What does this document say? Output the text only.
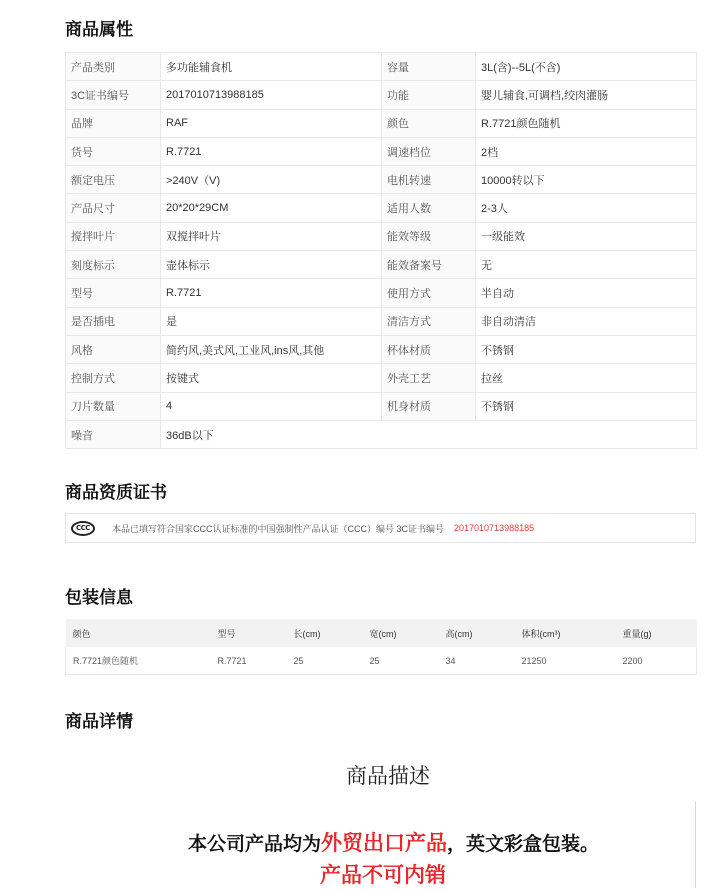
商品属性
产品类别	多功能辅食机	容量	3L(含)--5L(不含)
3C证书编号	2017010713988185	功能	婴儿辅食,可调档,绞肉灌肠
品牌	RAF	颜色	R.7721颜色随机
货号	R.7721	调速档位	2档
额定电压	>240V（V)	电机转速	10000转以下
产品尺寸	20*20*29CM	适用人数	2-3人
搅拌叶片	双搅拌叶片	能效等级	一级能效
刻度标示	壶体标示	能效备案号	无
型号	R.7721	使用方式	半自动
是否插电	是	清洁方式	非自动清洁
风格	简约风,美式风,工业风,ins风,其他	杯体材质	不锈钢
控制方式	按键式	外壳工艺	拉丝
刀片数量	4	机身材质	不锈钢
噪音	36dB以下		
商品资质证书
CCC	本品已填写符合国家CCC认证标准的中国强制性产品认证（CCC）编号 3C证书编号 2017010713988185
包装信息
颜色	型号	长(cm)	宽(cm)	高(cm)	体积(cm³)	重量(g)
R.7721颜色随机	R.7721	25	25	34	21250	2200
商品详情
商品描述
本公司产品均为外贸出口产品，英文彩盒包装。
产品不可内销
